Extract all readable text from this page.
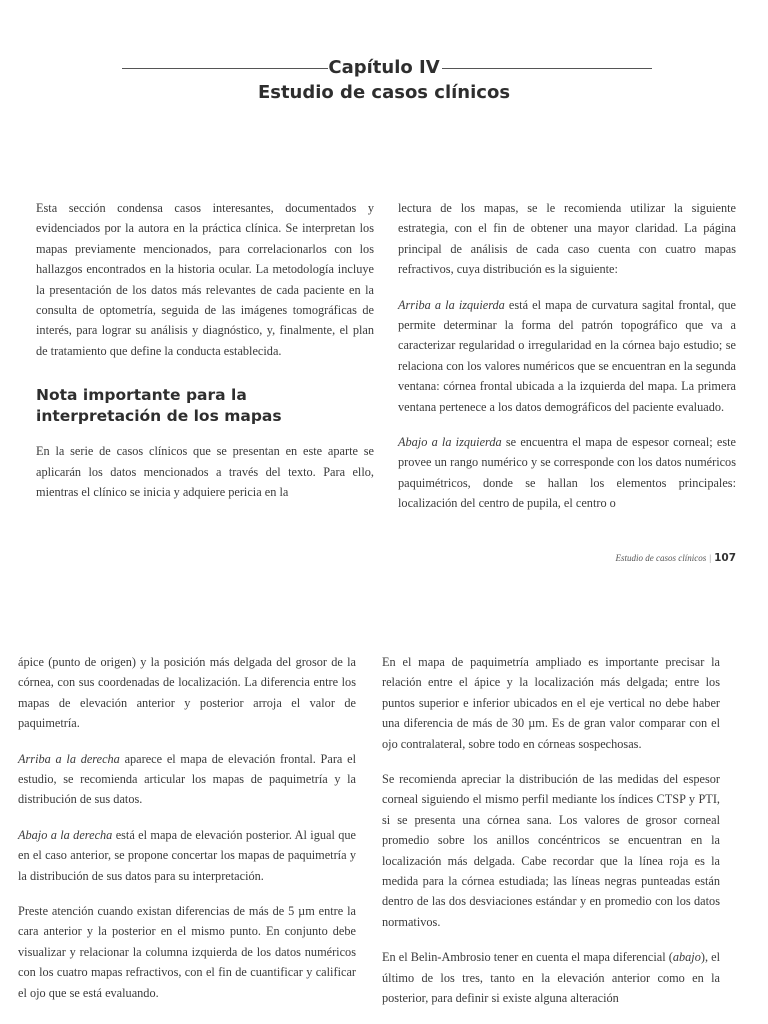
Capítulo IV
Estudio de casos clínicos

Esta sección condensa casos interesantes, documentados y evidenciados por la autora en la práctica clínica. Se interpretan los mapas previamente mencionados, para correlacionarlos con los hallazgos encontrados en la historia ocular. La metodología incluye la presentación de los datos más relevantes de cada paciente en la consulta de optometría, seguida de las imágenes tomográficas de interés, para lograr su análisis y diagnóstico, y, finalmente, el plan de tratamiento que define la conducta establecida.

Nota importante para la interpretación de los mapas

En la serie de casos clínicos que se presentan en este aparte se aplicarán los datos mencionados a través del texto. Para ello, mientras el clínico se inicia y adquiere pericia en la

lectura de los mapas, se le recomienda utilizar la siguiente estrategia, con el fin de obtener una mayor claridad. La página principal de análisis de cada caso cuenta con cuatro mapas refractivos, cuya distribución es la siguiente:

Arriba a la izquierda está el mapa de curvatura sagital frontal, que permite determinar la forma del patrón topográfico que va a caracterizar regularidad o irregularidad en la córnea bajo estudio; se relaciona con los valores numéricos que se encuentran en la segunda ventana: córnea frontal ubicada a la izquierda del mapa. La primera ventana pertenece a los datos demográficos del paciente evaluado.

Abajo a la izquierda se encuentra el mapa de espesor corneal; este provee un rango numérico y se corresponde con los datos numéricos paquimétricos, donde se hallan los elementos principales: localización del centro de pupila, el centro o

Estudio de casos clínicos | 107

ápice (punto de origen) y la posición más delgada del grosor de la córnea, con sus coordenadas de localización. La diferencia entre los mapas de elevación anterior y posterior arroja el valor de paquimetría.

Arriba a la derecha aparece el mapa de elevación frontal. Para el estudio, se recomienda articular los mapas de paquimetría y la distribución de sus datos.

Abajo a la derecha está el mapa de elevación posterior. Al igual que en el caso anterior, se propone concertar los mapas de paquimetría y la distribución de sus datos para su interpretación.

Preste atención cuando existan diferencias de más de 5 µm entre la cara anterior y la posterior en el mismo punto. En conjunto debe visualizar y relacionar la columna izquierda de los datos numéricos con los cuatro mapas refractivos, con el fin de cuantificar y calificar el ojo que se está evaluando.

En el mapa de paquimetría ampliado es importante precisar la relación entre el ápice y la localización más delgada; entre los puntos superior e inferior ubicados en el eje vertical no debe haber una diferencia de más de 30 µm. Es de gran valor comparar con el ojo contralateral, sobre todo en córneas sospechosas.

Se recomienda apreciar la distribución de las medidas del espesor corneal siguiendo el mismo perfil mediante los índices CTSP y PTI, si se presenta una córnea sana. Los valores de grosor corneal promedio sobre los anillos concéntricos se encuentran en la localización más delgada. Cabe recordar que la línea roja es la medida para la córnea estudiada; las líneas negras punteadas están dentro de las dos desviaciones estándar y en promedio con los datos normativos.

En el Belin-Ambrosio tener en cuenta el mapa diferencial (abajo), el último de los tres, tanto en la elevación anterior como en la posterior, para definir si existe alguna alteración
